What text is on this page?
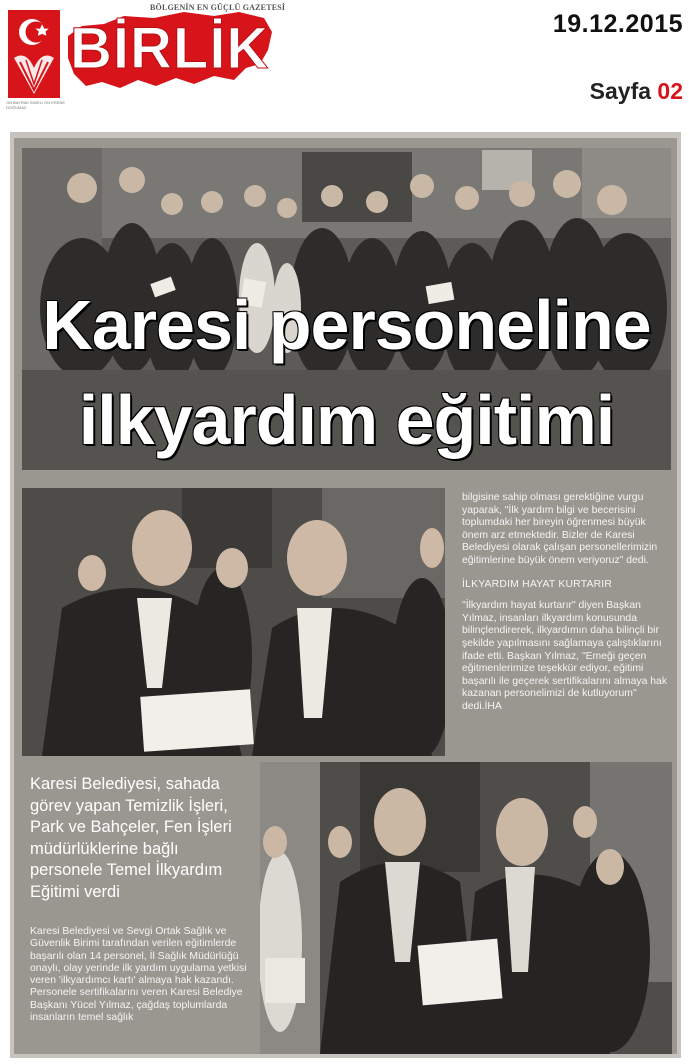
ON BAYRAK İMZELİ ON ERENE DOĞUMAZ
BÖLGENİN EN GÜÇLÜ GAZETESİ
BİRLİK	19.12.2015
Sayfa 02
Karesi personeline
ilkyardım eğitimi

bilgisine sahip olması gerektiğine vurgu yaparak, "İlk yardım bilgi ve becerisini toplumdaki her bireyin öğrenmesi büyük önem arz etmektedir. Bizler de Karesi Belediyesi olarak çalışan personellerimizin eğitimlerine büyük önem veriyoruz" dedi.

İLKYARDIM HAYAT KURTARIR

"İlkyardım hayat kurtarır" diyen Başkan Yılmaz, insanları ilkyardım konusunda bilinçlendirerek, ilkyardımın daha bilinçli bir şekilde yapılmasını sağlamaya çalıştıklarını ifade etti. Başkan Yılmaz, "Emeği geçen eğitmenlerimize teşekkür ediyor, eğitimi başarılı ile geçerek sertifikalarını almaya hak kazanan personelimizi de kutluyorum" dedi.İHA

Karesi Belediyesi, sahada görev yapan Temizlik İşleri, Park ve Bahçeler, Fen İşleri müdürlüklerine bağlı personele Temel İlkyardım Eğitimi verdi
Karesi Belediyesi ve Sevgi Ortak Sağlık ve Güvenlik Birimi tarafından verilen eğitimlerde başarılı olan 14 personel, İl Sağlık Müdürlüğü onaylı, olay yerinde ilk yardım uygulama yetkisi veren 'ilkyardımcı kartı' almaya hak kazandı. Personele sertifikalarını veren Karesi Belediye Başkanı Yücel Yılmaz, çağdaş toplumlarda insanların temel sağlık
